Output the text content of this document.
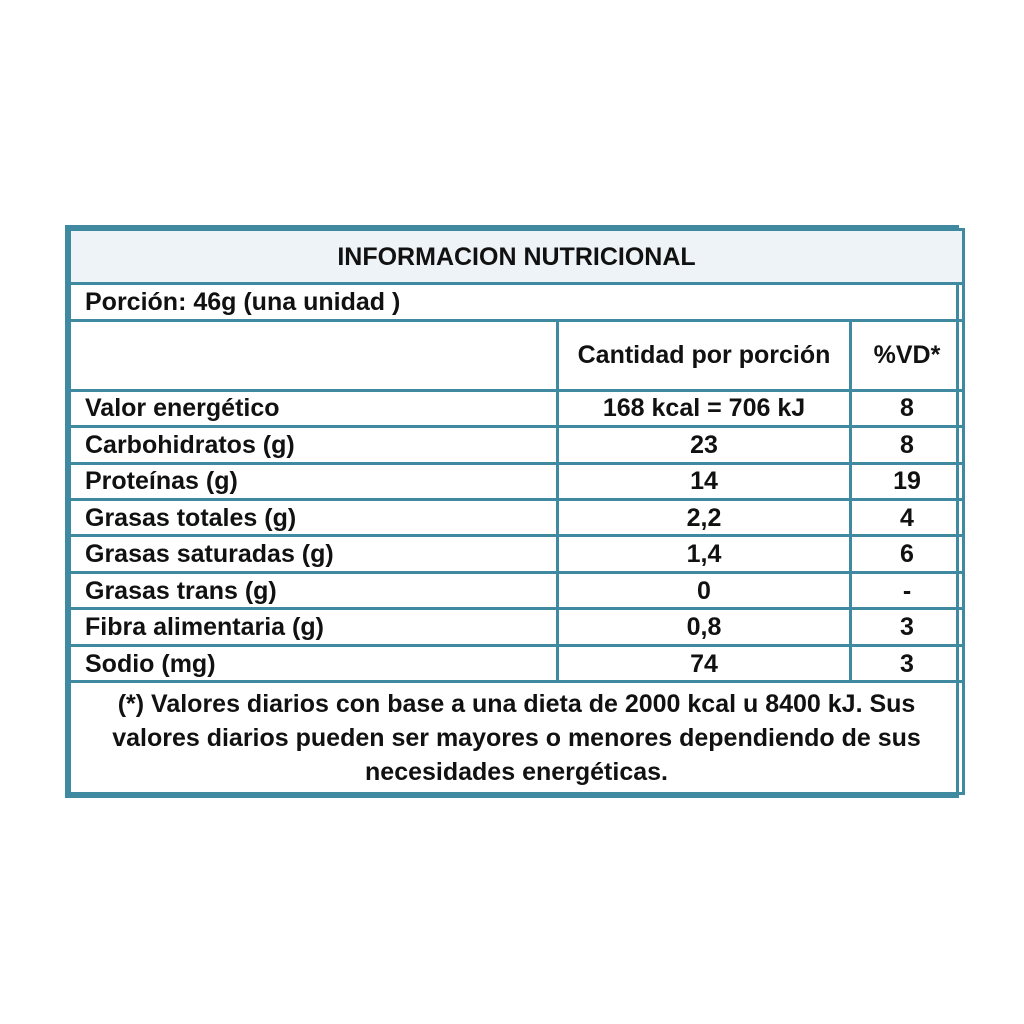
INFORMACION NUTRICIONAL		
Porción: 46g (una unidad )		
	Cantidad por porción	%VD*
Valor energético	168 kcal = 706 kJ	8
Carbohidratos (g)	23	8
Proteínas (g)	14	19
Grasas totales (g)	2,2	4
Grasas saturadas (g)	1,4	6
Grasas trans (g)	0	-
Fibra alimentaria (g)	0,8	3
Sodio (mg)	74	3
(*) Valores diarios con base a una dieta de 2000 kcal u 8400 kJ. Sus valores diarios pueden ser mayores o menores dependiendo de sus necesidades energéticas.		
